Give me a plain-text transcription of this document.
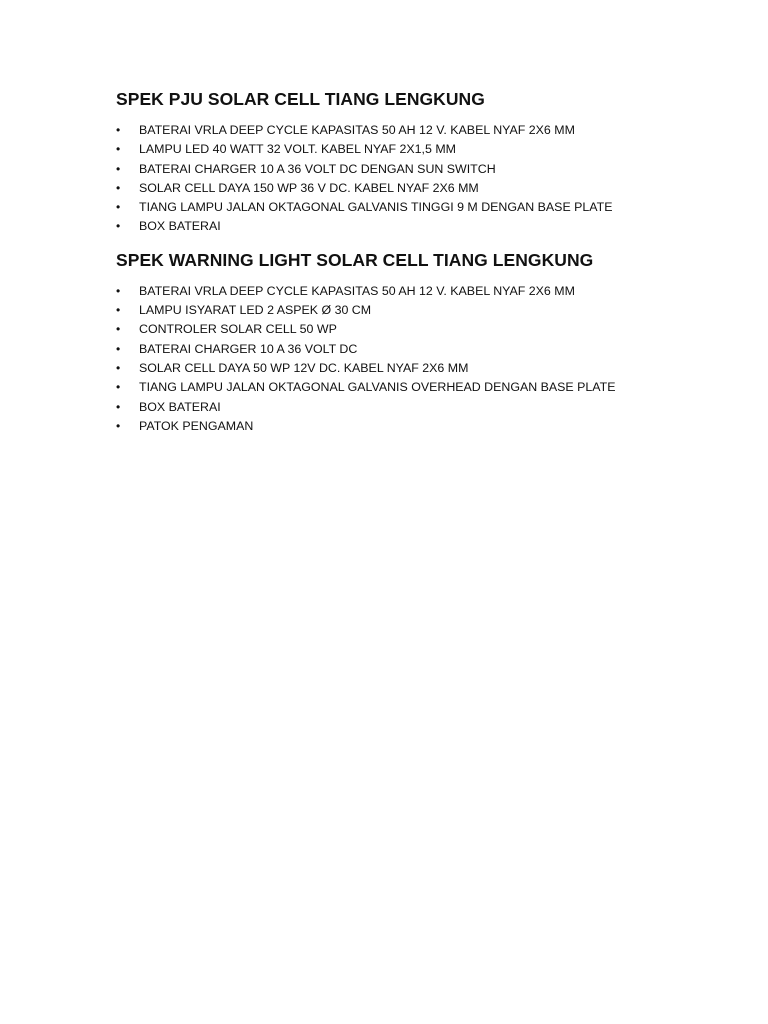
SPEK PJU SOLAR CELL TIANG LENGKUNG
• BATERAI VRLA DEEP CYCLE KAPASITAS 50 AH 12 V. KABEL NYAF 2X6 MM
• LAMPU LED 40 WATT 32 VOLT. KABEL NYAF 2X1,5 MM
• BATERAI CHARGER 10 A 36 VOLT DC DENGAN SUN SWITCH
• SOLAR CELL DAYA 150 WP 36 V DC. KABEL NYAF 2X6 MM
• TIANG LAMPU JALAN OKTAGONAL GALVANIS TINGGI 9 M DENGAN BASE PLATE
• BOX BATERAI
SPEK WARNING LIGHT SOLAR CELL TIANG LENGKUNG
• BATERAI VRLA DEEP CYCLE KAPASITAS 50 AH 12 V. KABEL NYAF 2X6 MM
• LAMPU ISYARAT LED 2 ASPEK Ø 30 CM
• CONTROLER SOLAR CELL 50 WP
• BATERAI CHARGER 10 A 36 VOLT DC
• SOLAR CELL DAYA 50 WP 12V DC. KABEL NYAF 2X6 MM
• TIANG LAMPU JALAN OKTAGONAL GALVANIS OVERHEAD DENGAN BASE PLATE
• BOX BATERAI
• PATOK PENGAMAN
